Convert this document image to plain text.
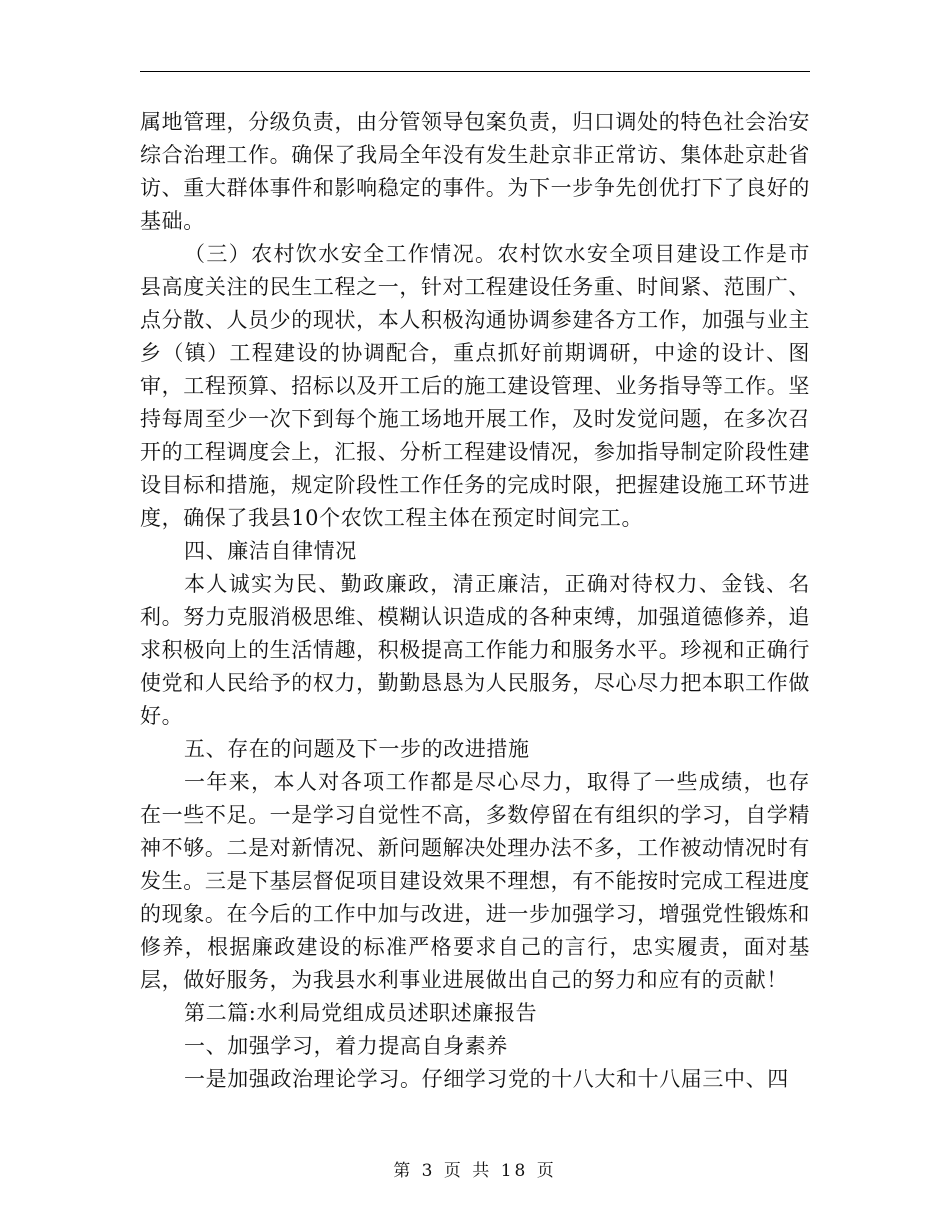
属地管理，分级负责，由分管领导包案负责，归口调处的特色社会治安综合治理工作。确保了我局全年没有发生赴京非正常访、集体赴京赴省访、重大群体事件和影响稳定的事件。为下一步争先创优打下了良好的基础。

（三）农村饮水安全工作情况。农村饮水安全项目建设工作是市县高度关注的民生工程之一，针对工程建设任务重、时间紧、范围广、点分散、人员少的现状，本人积极沟通协调参建各方工作，加强与业主乡（镇）工程建设的协调配合，重点抓好前期调研，中途的设计、图审，工程预算、招标以及开工后的施工建设管理、业务指导等工作。坚持每周至少一次下到每个施工场地开展工作，及时发觉问题，在多次召开的工程调度会上，汇报、分析工程建设情况，参加指导制定阶段性建设目标和措施，规定阶段性工作任务的完成时限，把握建设施工环节进度，确保了我县10个农饮工程主体在预定时间完工。

四、廉洁自律情况

本人诚实为民、勤政廉政，清正廉洁，正确对待权力、金钱、名利。努力克服消极思维、模糊认识造成的各种束缚，加强道德修养，追求积极向上的生活情趣，积极提高工作能力和服务水平。珍视和正确行使党和人民给予的权力，勤勤恳恳为人民服务，尽心尽力把本职工作做好。

五、存在的问题及下一步的改进措施

一年来，本人对各项工作都是尽心尽力，取得了一些成绩，也存在一些不足。一是学习自觉性不高，多数停留在有组织的学习，自学精神不够。二是对新情况、新问题解决处理办法不多，工作被动情况时有发生。三是下基层督促项目建设效果不理想，有不能按时完成工程进度的现象。在今后的工作中加与改进，进一步加强学习，增强党性锻炼和修养，根据廉政建设的标准严格要求自己的言行，忠实履责，面对基层，做好服务，为我县水利事业进展做出自己的努力和应有的贡献！

第二篇:水利局党组成员述职述廉报告

一、加强学习，着力提高自身素养

一是加强政治理论学习。仔细学习党的十八大和十八届三中、四

第 3 页 共 18 页
